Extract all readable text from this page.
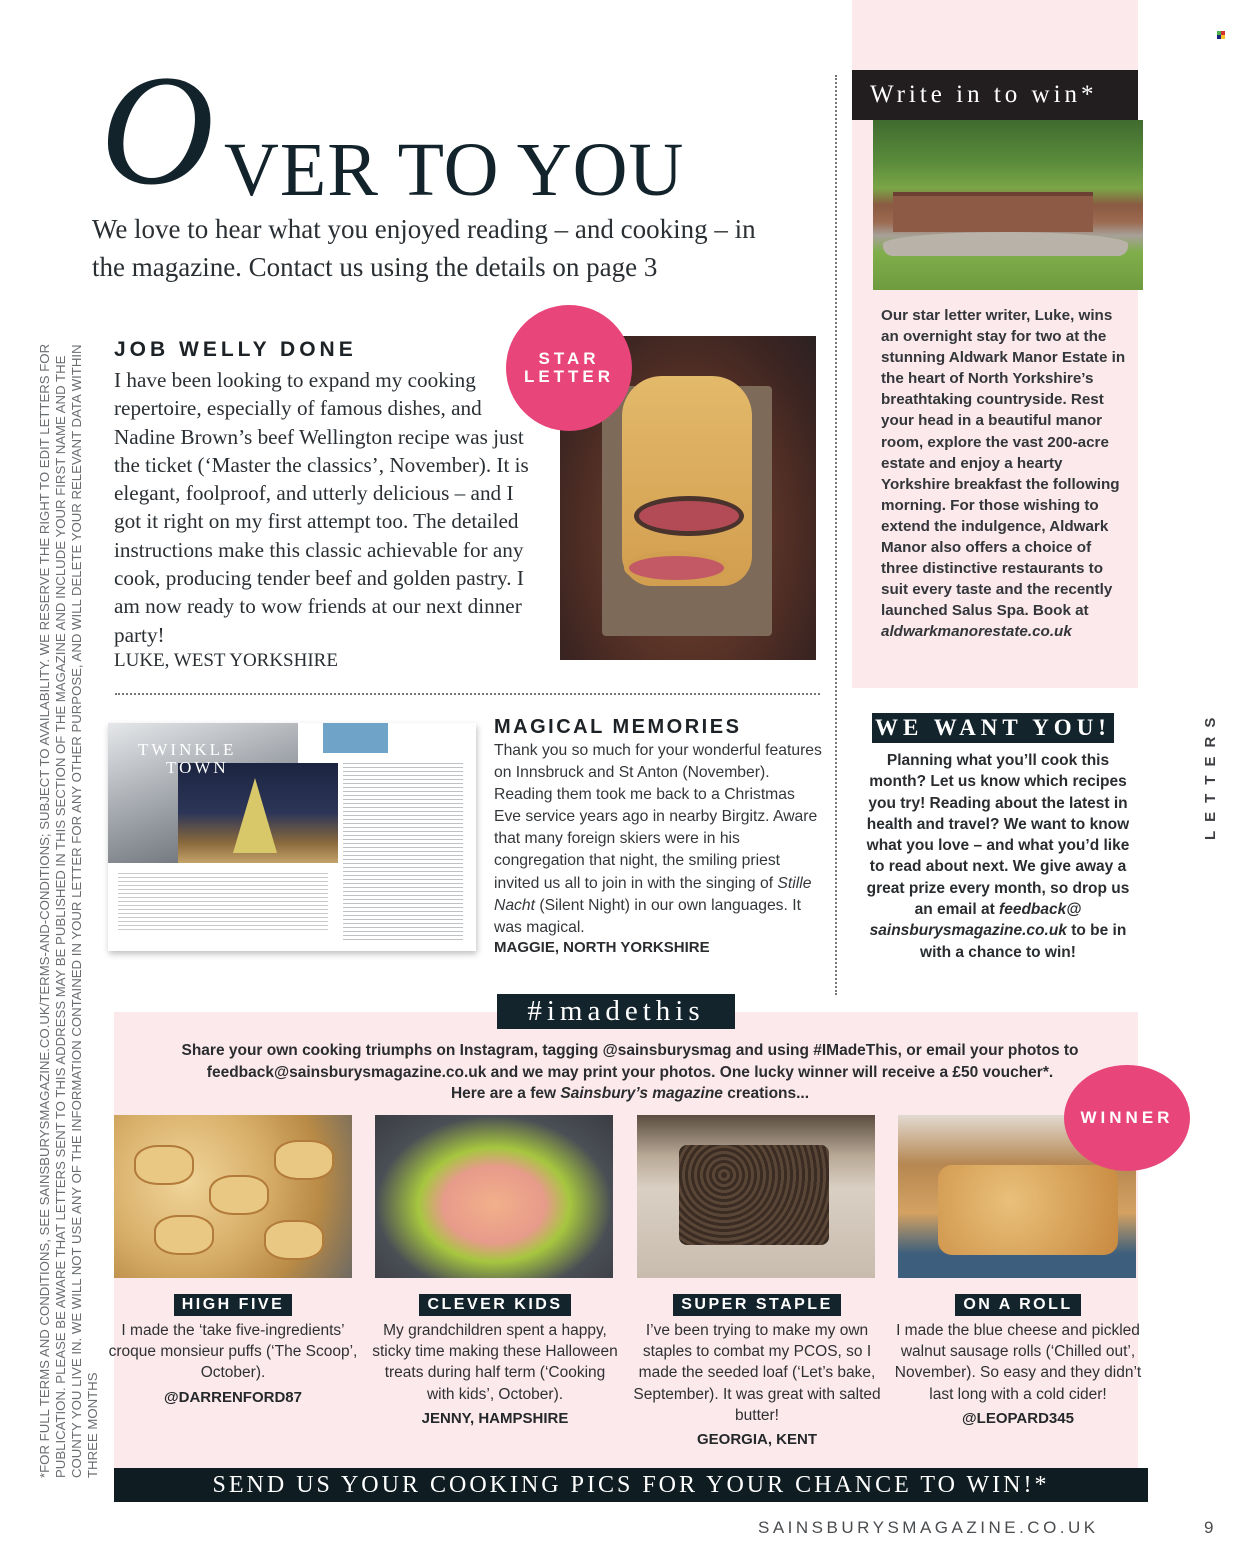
O VER TO YOU
We love to hear what you enjoyed reading – and cooking – in the magazine. Contact us using the details on page 3
Write in to win*
Our star letter writer, Luke, wins an overnight stay for two at the stunning Aldwark Manor Estate in the heart of North Yorkshire’s breathtaking countryside. Rest your head in a beautiful manor room, explore the vast 200-acre estate and enjoy a hearty Yorkshire breakfast the following morning. For those wishing to extend the indulgence, Aldwark Manor also offers a choice of three distinctive restaurants to suit every taste and the recently launched Salus Spa. Book at aldwarkmanorestate.co.uk
*FOR FULL TERMS AND CONDITIONS, SEE SAINSBURYSMAGAZINE.CO.UK/TERMS-AND-CONDITIONS; SUBJECT TO AVAILABILITY. WE RESERVE THE RIGHT TO EDIT LETTERS FOR PUBLICATION. PLEASE BE AWARE THAT LETTERS SENT TO THIS ADDRESS MAY BE PUBLISHED IN THIS SECTION OF THE MAGAZINE AND INCLUDE YOUR FIRST NAME AND THE COUNTY YOU LIVE IN. WE WILL NOT USE ANY OF THE INFORMATION CONTAINED IN YOUR LETTER FOR ANY OTHER PURPOSE, AND WILL DELETE YOUR RELEVANT DATA WITHIN THREE MONTHS
LETTERS
JOB WELLY DONE
I have been looking to expand my cooking repertoire, especially of famous dishes, and Nadine Brown’s beef Wellington recipe was just the ticket (‘Master the classics’, November). It is elegant, foolproof, and utterly delicious – and I got it right on my first attempt too. The detailed instructions make this classic achievable for any cook, producing tender beef and golden pastry. I am now ready to wow friends at our next dinner party!
LUKE, WEST YORKSHIRE
STAR
LETTER
TWINKLE
TOWN
MAGICAL MEMORIES
Thank you so much for your wonderful features on Innsbruck and St Anton (November). Reading them took me back to a Christmas Eve service years ago in nearby Birgitz. Aware that many foreign skiers were in his congregation that night, the smiling priest invited us all to join in with the singing of Stille Nacht (Silent Night) in our own languages. It was magical.
MAGGIE, NORTH YORKSHIRE
WE WANT YOU!
Planning what you’ll cook this month? Let us know which recipes you try! Reading about the latest in health and travel? We want to know what you love – and what you’d like to read about next. We give away a great prize every month, so drop us an email at feedback@ sainsburysmagazine.co.uk to be in with a chance to win!
#imadethis
Share your own cooking triumphs on Instagram, tagging @sainsburysmag and using #IMadeThis, or email your photos to feedback@sainsburysmagazine.co.uk and we may print your photos. One lucky winner will receive a £50 voucher*.
Here are a few Sainsbury’s magazine creations...
WINNER
HIGH FIVE
I made the ‘take five-ingredients’ croque monsieur puffs (‘The Scoop’, October).
@DARRENFORD87
CLEVER KIDS
My grandchildren spent a happy, sticky time making these Halloween treats during half term (‘Cooking with kids’, October).
JENNY, HAMPSHIRE
SUPER STAPLE
I’ve been trying to make my own staples to combat my PCOS, so I made the seeded loaf (‘Let’s bake, September). It was great with salted butter!
GEORGIA, KENT
ON A ROLL
I made the blue cheese and pickled walnut sausage rolls (‘Chilled out’, November). So easy and they didn’t last long with a cold cider!
@LEOPARD345
SEND US YOUR COOKING PICS FOR YOUR CHANCE TO WIN!*
SAINSBURYSMAGAZINE.CO.UK	9
